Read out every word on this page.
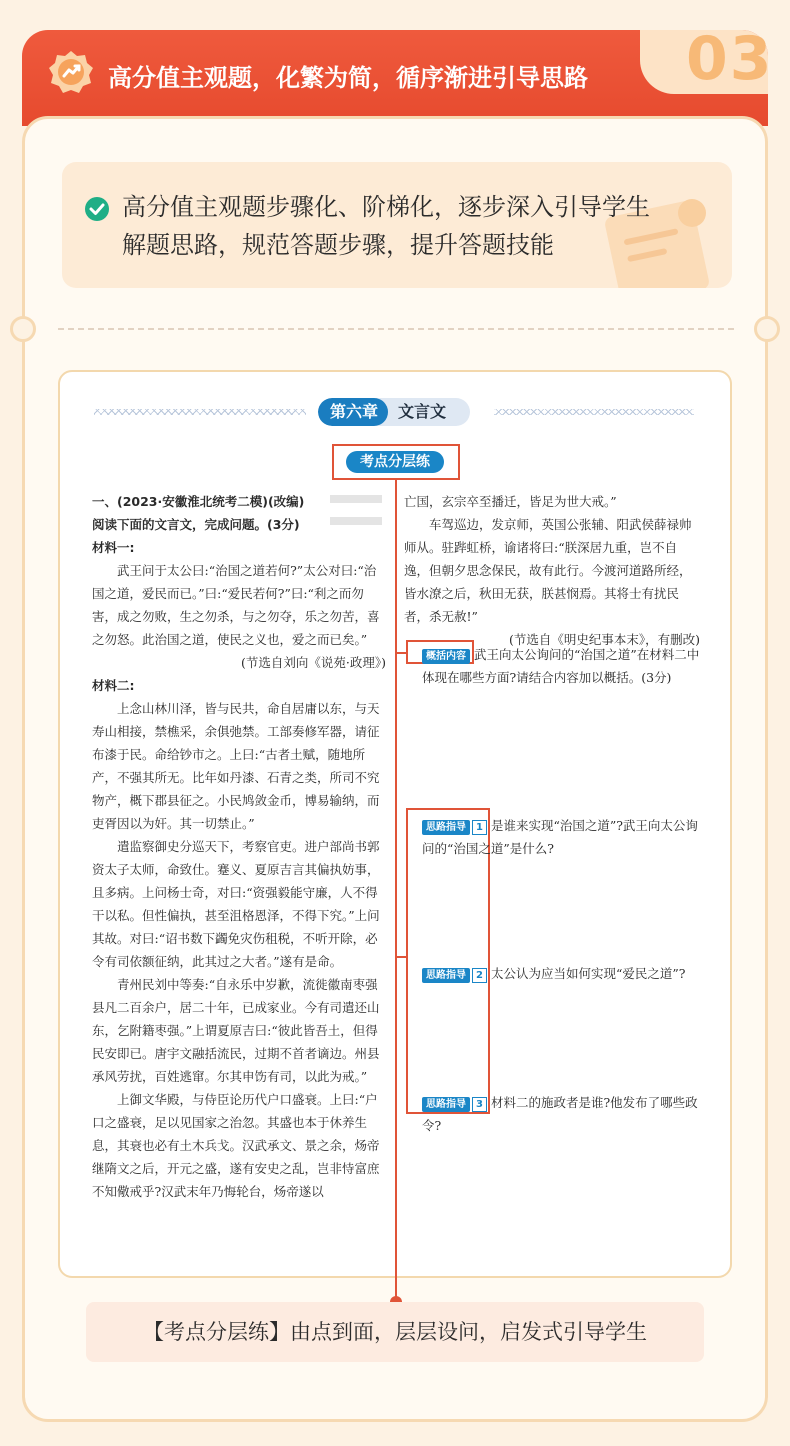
03
高分值主观题，化繁为简，循序渐进引导思路
高分值主观题步骤化、阶梯化，逐步深入引导学生
解题思路，规范答题步骤，提升答题技能
第六章	文言文
考点分层练

一、(2023·安徽淮北统考二模)(改编)

阅读下面的文言文，完成问题。(3分)

材料一:

武王问于太公曰:“治国之道若何?”太公对曰:“治国之道，爱民而已。”曰:“爱民若何?”曰:“利之而勿害，成之勿败，生之勿杀，与之勿夺，乐之勿苦，喜之勿怒。此治国之道，使民之义也，爱之而已矣。”

(节选自刘向《说苑·政理》)

材料二:

上念山林川泽，皆与民共，命自居庸以东，与天寿山相接，禁樵采，余俱弛禁。工部奏修军器，请征布漆于民。命给钞市之。上曰:“古者土赋，随地所产，不强其所无。比年如丹漆、石青之类，所司不究物产，概下郡县征之。小民鸠敛金币，博易输纳，而吏胥因以为奸。其一切禁止。”

遣监察御史分巡天下，考察官吏。进户部尚书郭资太子太师，命致仕。蹇义、夏原吉言其偏执妨事，且多病。上问杨士奇，对曰:“资强毅能守廉，人不得干以私。但性偏执，甚至沮格恩泽，不得下究。”上问其故。对曰:“诏书数下蠲免灾伤租税，不听开除，必令有司依额征纳，此其过之大者。”遂有是命。

青州民刘中等奏:“自永乐中岁歉，流徙徽南枣强县凡二百余户，居二十年，已成家业。今有司遣还山东，乞附籍枣强。”上谓夏原吉曰:“彼此皆吾土，但得民安即已。唐宇文融括流民，过期不首者谪边。州县承风劳扰，百姓逃窜。尔其申饬有司，以此为戒。”

上御文华殿，与侍臣论历代户口盛衰。上曰:“户口之盛衰，足以见国家之治忽。其盛也本于休养生息，其衰也必有土木兵戈。汉武承文、景之余，炀帝继隋文之后，开元之盛，遂有安史之乱，岂非恃富庶不知儆戒乎?汉武末年乃悔轮台，炀帝遂以

亡国，玄宗卒至播迁，皆足为世大戒。”

车驾巡边，发京师，英国公张辅、阳武侯薛禄帅师从。驻跸虹桥，谕诸将曰:“朕深居九重，岂不自逸，但朝夕思念保民，故有此行。今渡河道路所经，皆水潦之后，秋田无获，朕甚悯焉。其将士有扰民者，杀无赦!”

(节选自《明史纪事本末》，有删改)

概括内容 武王向太公询问的“治国之道”在材料二中体现在哪些方面?请结合内容加以概括。(3分)

思路指导 1 是谁来实现“治国之道”?武王向太公询问的“治国之道”是什么?

思路指导 2 太公认为应当如何实现“爱民之道”?

思路指导 3 材料二的施政者是谁?他发布了哪些政令?

【考点分层练】由点到面，层层设问，启发式引导学生
